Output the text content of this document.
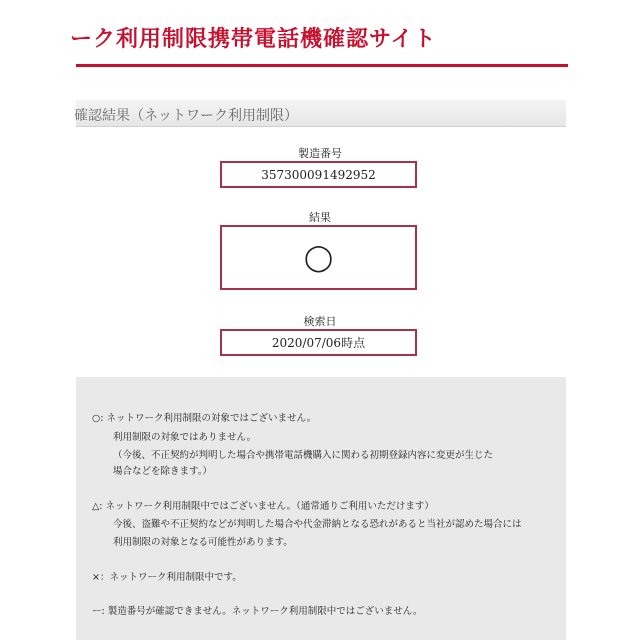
ーク利用制限携帯電話機確認サイト
確認結果（ネットワーク利用制限）
製造番号
357300091492952
結果
◯
検索日
2020/07/06時点
○: ネットワーク利用制限の対象ではございません。
利用制限の対象ではありません。
（今後、不正契約が判明した場合や携帯電話機購入に関わる初期登録内容に変更が生じた
場合などを除きます。）
△: ネットワーク利用制限中ではございません。（通常通りご利用いただけます）
今後、盗難や不正契約などが判明した場合や代金滞納となる恐れがあると当社が認めた場合には
利用制限の対象となる可能性があります。
×：ネットワーク利用制限中です。
ー: 製造番号が確認できません。ネットワーク利用制限中ではございません。
